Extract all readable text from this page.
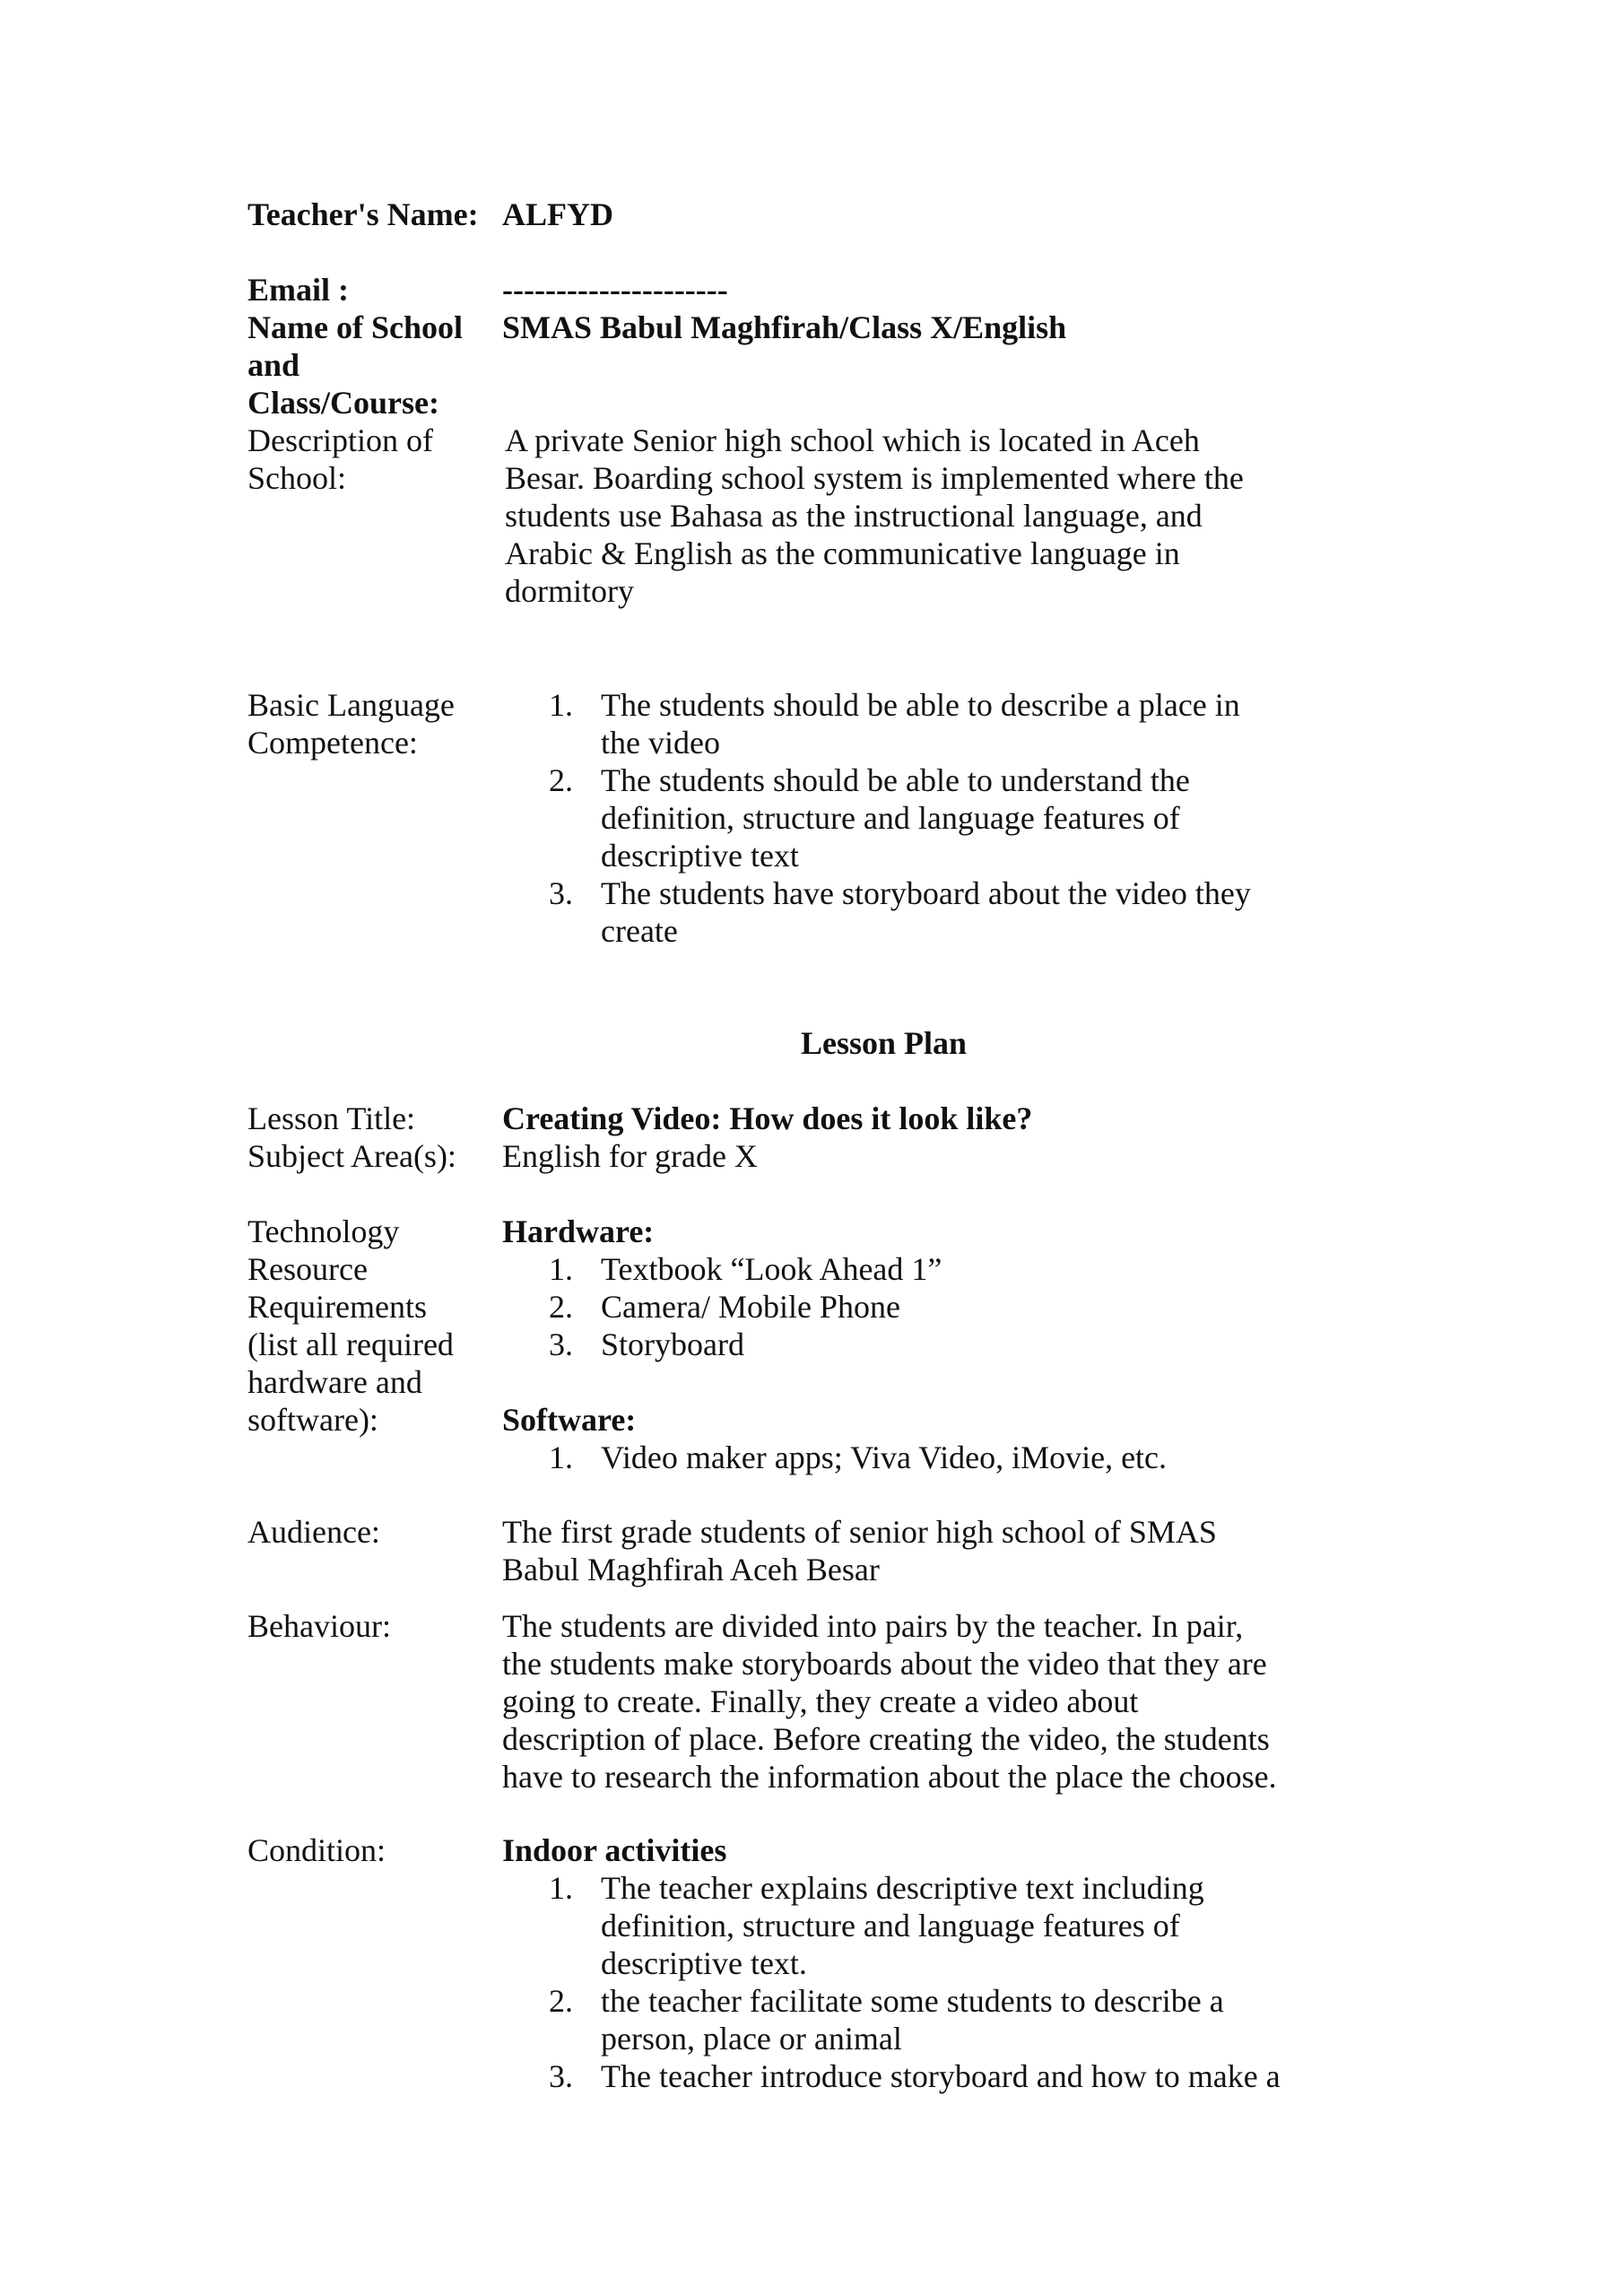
Teacher's Name: ALFYD
Email :	---------------------
Name of School and Class/Course:
SMAS Babul Maghfirah/Class X/English
Description of School:
A private Senior high school which is located in Aceh
Besar. Boarding school system is implemented where the
students use Bahasa as the instructional language, and
Arabic & English as the communicative language in
dormitory
Basic Language Competence:
1. The students should be able to describe a place in
the video
2. The students should be able to understand the
definition, structure and language features of
descriptive text
3. The students have storyboard about the video they
create
Lesson Plan
Lesson Title:	Creating Video: How does it look like?
Subject Area(s):	English for grade X
Technology
Resource
Requirements
(list all required
hardware and
software):
Hardware:
1. Textbook “Look Ahead 1”
2. Camera/ Mobile Phone
3. Storyboard
Software:
1. Video maker apps; Viva Video, iMovie, etc.
Audience:	The first grade students of senior high school of SMAS
Babul Maghfirah Aceh Besar
Behaviour:	The students are divided into pairs by the teacher. In pair,
the students make storyboards about the video that they are
going to create. Finally, they create a video about
description of place. Before creating the video, the students
have to research the information about the place the choose.
Condition:	Indoor activities
1. The teacher explains descriptive text including
definition, structure and language features of
descriptive text.
2. the teacher facilitate some students to describe a
person, place or animal
3. The teacher introduce storyboard and how to make a
